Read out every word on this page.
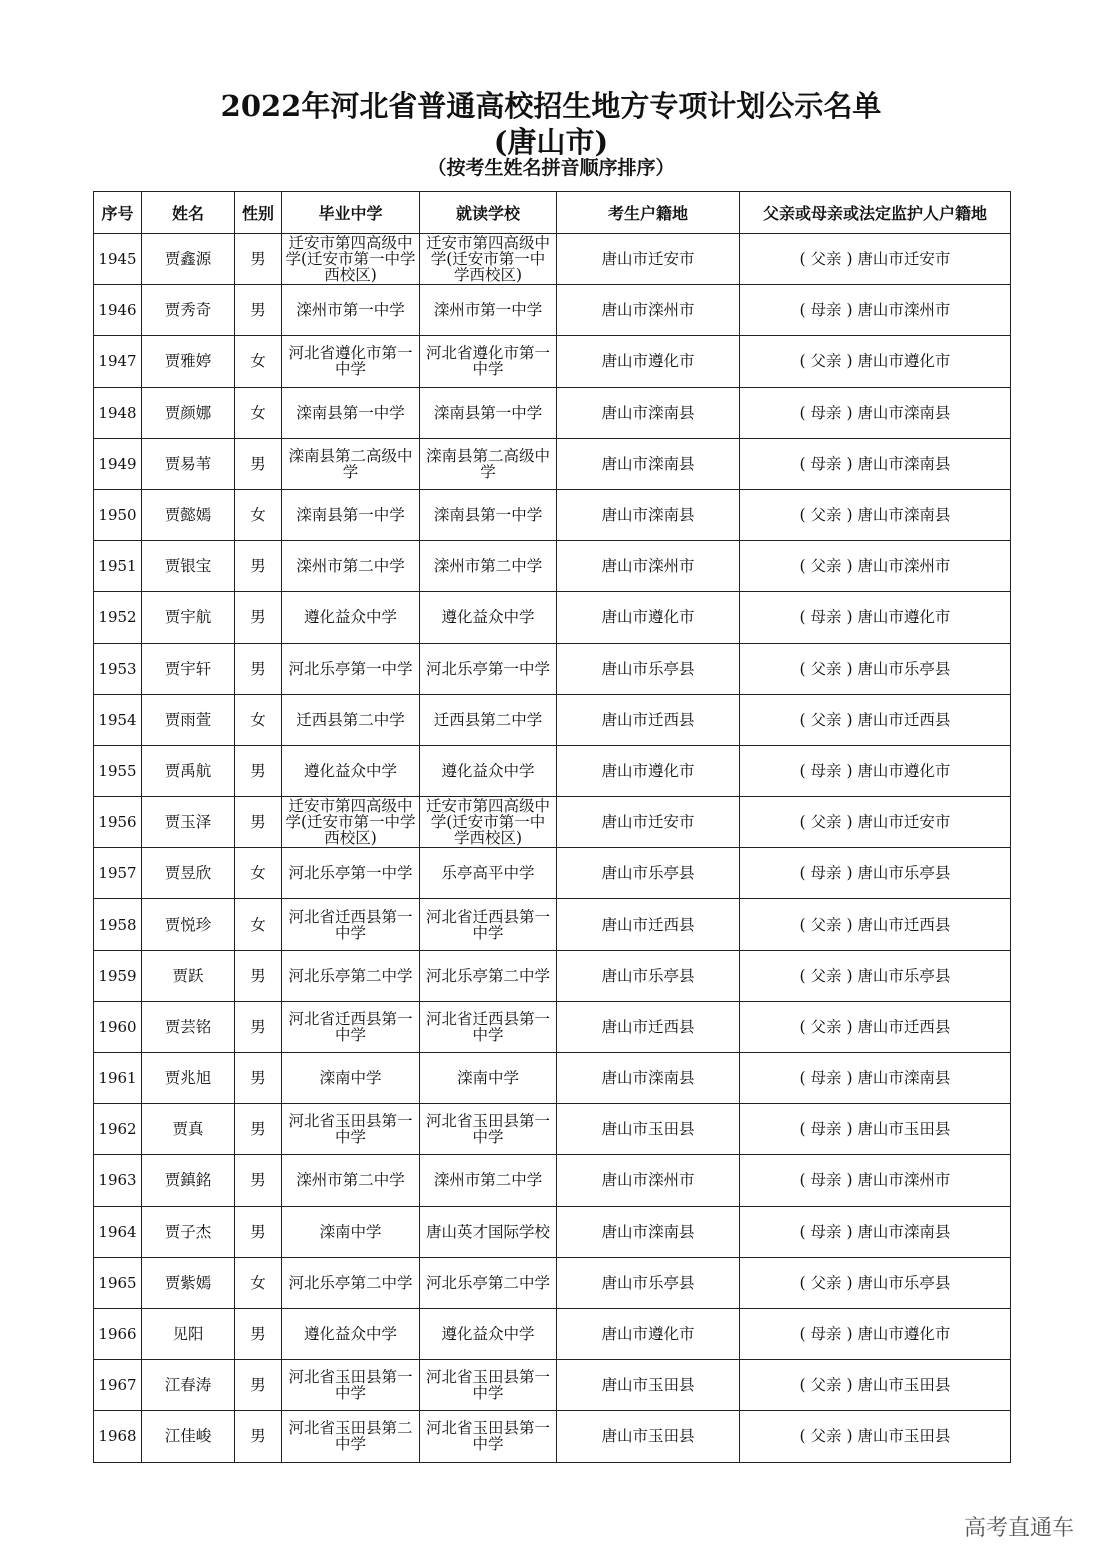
2022年河北省普通高校招生地方专项计划公示名单
(唐山市)
（按考生姓名拼音顺序排序）
序号	姓名	性别	毕业中学	就读学校	考生户籍地	父亲或母亲或法定监护人户籍地
1945	贾鑫源	男	迁安市第四高级中学(迁安市第一中学西校区)	迁安市第四高级中学(迁安市第一中学西校区)	唐山市迁安市	( 父亲 ) 唐山市迁安市
1946	贾秀奇	男	滦州市第一中学	滦州市第一中学	唐山市滦州市	( 母亲 ) 唐山市滦州市
1947	贾雅婷	女	河北省遵化市第一中学	河北省遵化市第一中学	唐山市遵化市	( 父亲 ) 唐山市遵化市
1948	贾颜娜	女	滦南县第一中学	滦南县第一中学	唐山市滦南县	( 母亲 ) 唐山市滦南县
1949	贾易苇	男	滦南县第二高级中学	滦南县第二高级中学	唐山市滦南县	( 母亲 ) 唐山市滦南县
1950	贾懿嫣	女	滦南县第一中学	滦南县第一中学	唐山市滦南县	( 父亲 ) 唐山市滦南县
1951	贾银宝	男	滦州市第二中学	滦州市第二中学	唐山市滦州市	( 父亲 ) 唐山市滦州市
1952	贾宇航	男	遵化益众中学	遵化益众中学	唐山市遵化市	( 母亲 ) 唐山市遵化市
1953	贾宇轩	男	河北乐亭第一中学	河北乐亭第一中学	唐山市乐亭县	( 父亲 ) 唐山市乐亭县
1954	贾雨萱	女	迁西县第二中学	迁西县第二中学	唐山市迁西县	( 父亲 ) 唐山市迁西县
1955	贾禹航	男	遵化益众中学	遵化益众中学	唐山市遵化市	( 母亲 ) 唐山市遵化市
1956	贾玉泽	男	迁安市第四高级中学(迁安市第一中学西校区)	迁安市第四高级中学(迁安市第一中学西校区)	唐山市迁安市	( 父亲 ) 唐山市迁安市
1957	贾昱欣	女	河北乐亭第一中学	乐亭高平中学	唐山市乐亭县	( 母亲 ) 唐山市乐亭县
1958	贾悦珍	女	河北省迁西县第一中学	河北省迁西县第一中学	唐山市迁西县	( 父亲 ) 唐山市迁西县
1959	贾跃	男	河北乐亭第二中学	河北乐亭第二中学	唐山市乐亭县	( 父亲 ) 唐山市乐亭县
1960	贾芸铭	男	河北省迁西县第一中学	河北省迁西县第一中学	唐山市迁西县	( 父亲 ) 唐山市迁西县
1961	贾兆旭	男	滦南中学	滦南中学	唐山市滦南县	( 母亲 ) 唐山市滦南县
1962	贾真	男	河北省玉田县第一中学	河北省玉田县第一中学	唐山市玉田县	( 母亲 ) 唐山市玉田县
1963	贾鎮銘	男	滦州市第二中学	滦州市第二中学	唐山市滦州市	( 母亲 ) 唐山市滦州市
1964	贾子杰	男	滦南中学	唐山英才国际学校	唐山市滦南县	( 母亲 ) 唐山市滦南县
1965	贾紫嫣	女	河北乐亭第二中学	河北乐亭第二中学	唐山市乐亭县	( 父亲 ) 唐山市乐亭县
1966	见阳	男	遵化益众中学	遵化益众中学	唐山市遵化市	( 母亲 ) 唐山市遵化市
1967	江春涛	男	河北省玉田县第一中学	河北省玉田县第一中学	唐山市玉田县	( 父亲 ) 唐山市玉田县
1968	江佳峻	男	河北省玉田县第二中学	河北省玉田县第一中学	唐山市玉田县	( 父亲 ) 唐山市玉田县
高考直通车
